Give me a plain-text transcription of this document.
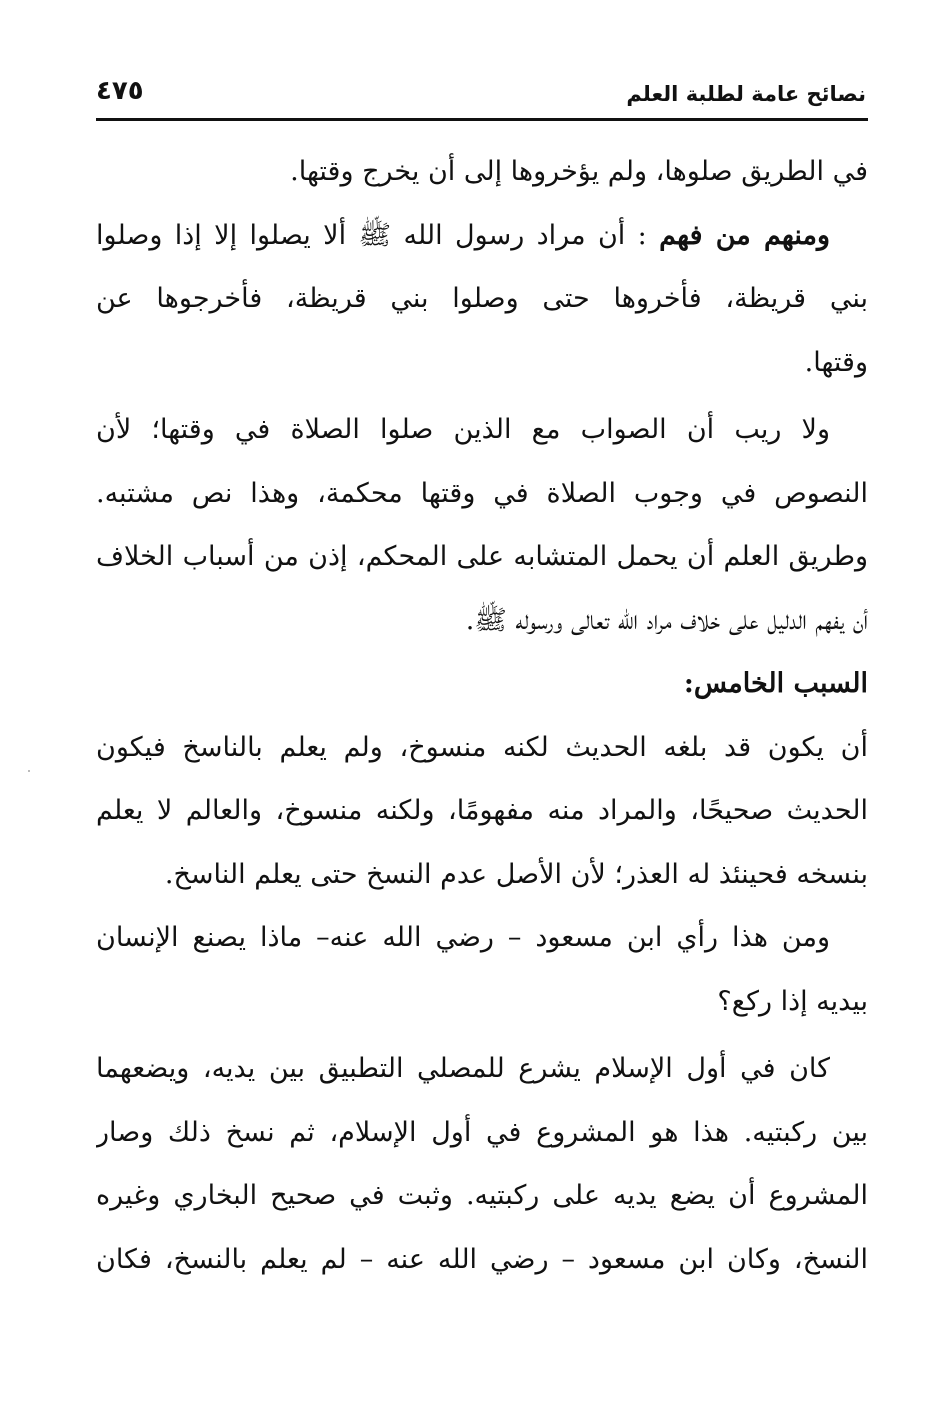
نصائح عامة لطلبة العلم
٤٧٥
في الطريق صلوها، ولم يؤخروها إلى أن يخرج وقتها.
ومنهم من فهم : أن مراد رسول الله ﷺ ألا يصلوا إلا إذا وصلوا
بني قريظة، فأخروها حتى وصلوا بني قريظة، فأخرجوها عن
وقتها.
ولا ريب أن الصواب مع الذين صلوا الصلاة في وقتها؛ لأن
النصوص في وجوب الصلاة في وقتها محكمة، وهذا نص مشتبه.
وطريق العلم أن يحمل المتشابه على المحكم، إذن من أسباب الخلاف
أن يفهم الدليل على خلاف مراد الله تعالى ورسوله ﷺ.
السبب الخامس:
أن يكون قد بلغه الحديث لكنه منسوخ، ولم يعلم بالناسخ فيكون
الحديث صحيحًا، والمراد منه مفهومًا، ولكنه منسوخ، والعالم لا يعلم
بنسخه فحينئذ له العذر؛ لأن الأصل عدم النسخ حتى يعلم الناسخ.
ومن هذا رأي ابن مسعود – رضي الله عنه– ماذا يصنع الإنسان
بيديه إذا ركع؟
كان في أول الإسلام يشرع للمصلي التطبيق بين يديه، ويضعهما
بين ركبتيه. هذا هو المشروع في أول الإسلام، ثم نسخ ذلك وصار
المشروع أن يضع يديه على ركبتيه. وثبت في صحيح البخاري وغيره
النسخ، وكان ابن مسعود – رضي الله عنه – لم يعلم بالنسخ، فكان
